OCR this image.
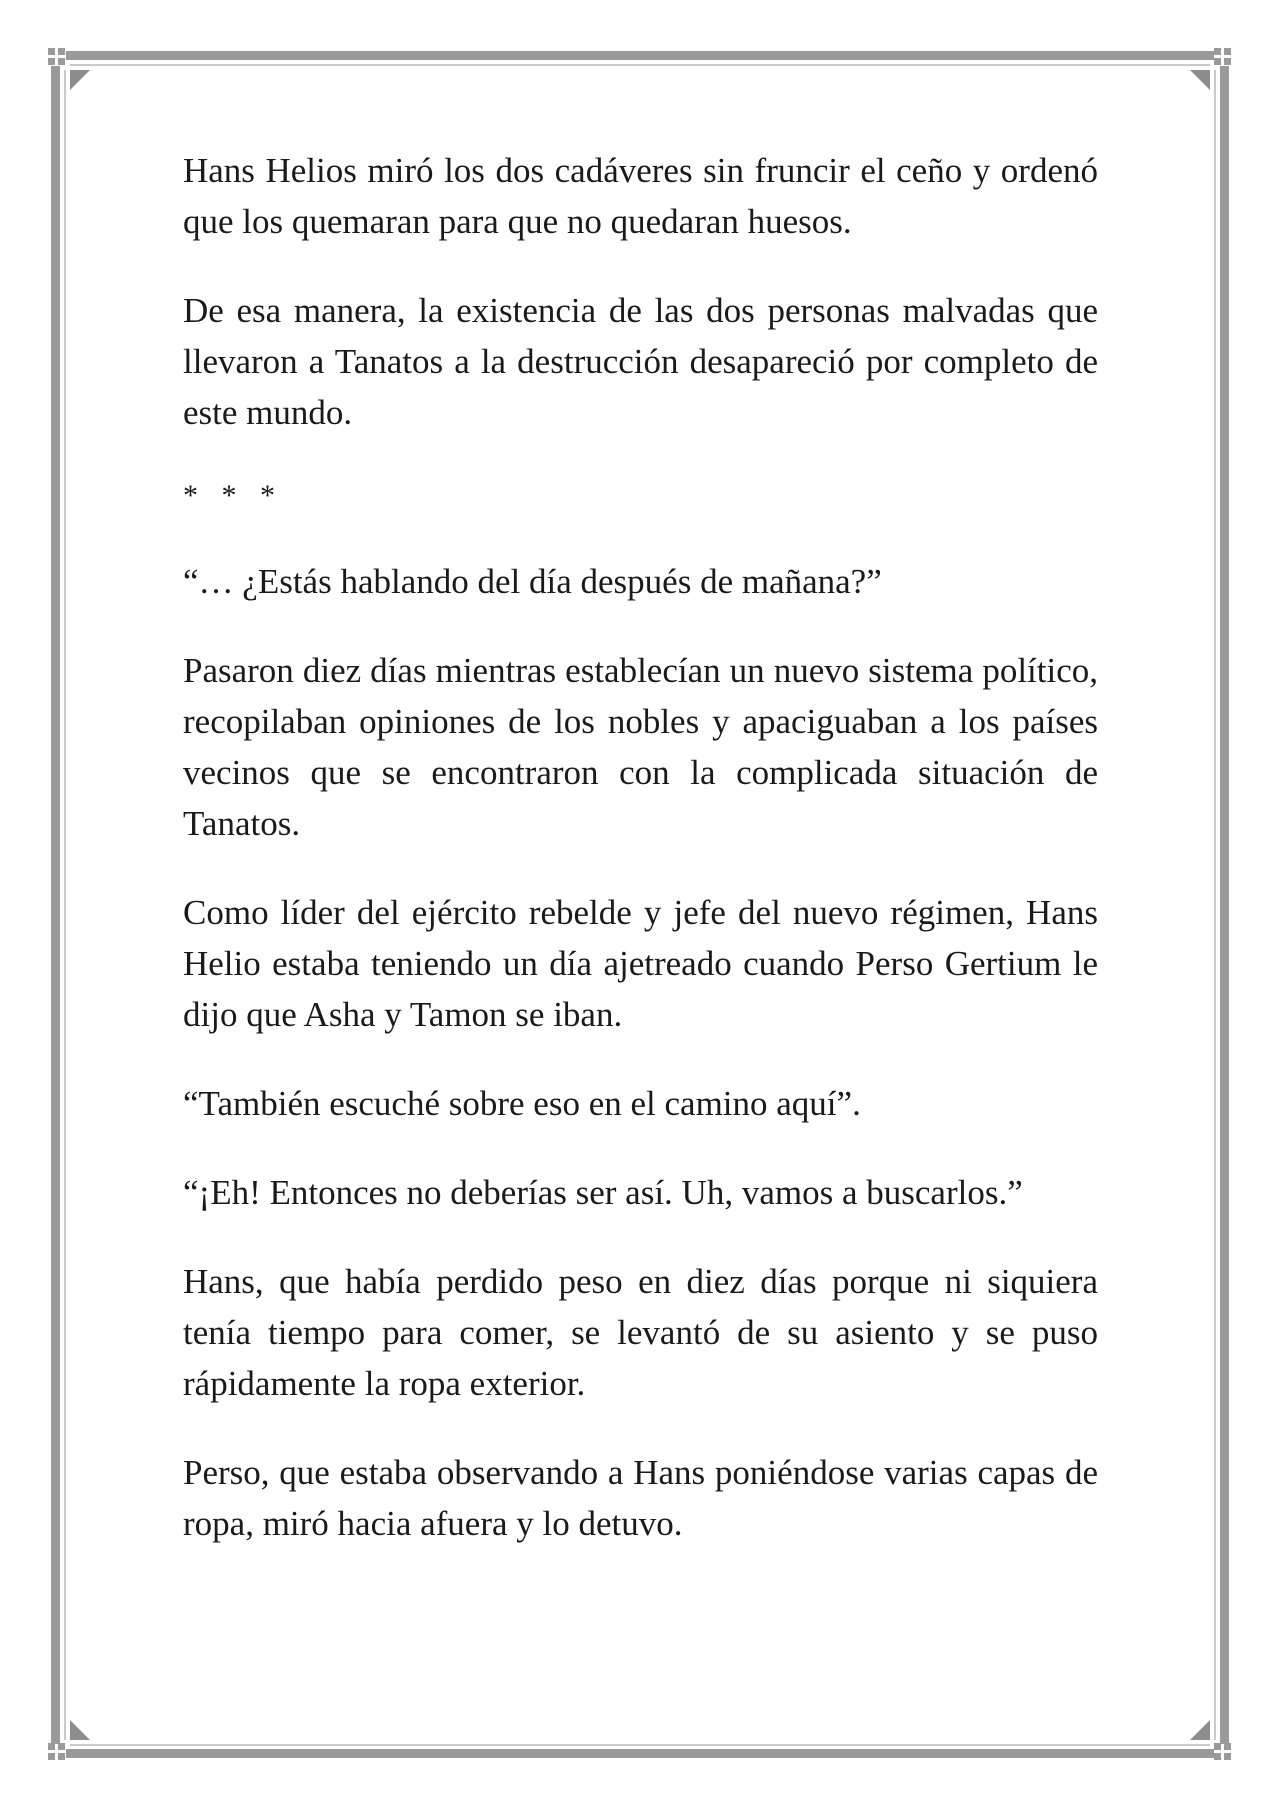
Hans Helios miró los dos cadáveres sin fruncir el ceño y ordenó que los quemaran para que no quedaran huesos.

De esa manera, la existencia de las dos personas malvadas que llevaron a Tanatos a la destrucción desapareció por completo de este mundo.

* * *

“… ¿Estás hablando del día después de mañana?”

Pasaron diez días mientras establecían un nuevo sistema político, recopilaban opiniones de los nobles y apaciguaban a los países vecinos que se encontraron con la complicada situación de Tanatos.

Como líder del ejército rebelde y jefe del nuevo régimen, Hans Helio estaba teniendo un día ajetreado cuando Perso Gertium le dijo que Asha y Tamon se iban.

“También escuché sobre eso en el camino aquí”.

“¡Eh! Entonces no deberías ser así. Uh, vamos a buscarlos.”

Hans, que había perdido peso en diez días porque ni siquiera tenía tiempo para comer, se levantó de su asiento y se puso rápidamente la ropa exterior.

Perso, que estaba observando a Hans poniéndose varias capas de ropa, miró hacia afuera y lo detuvo.
